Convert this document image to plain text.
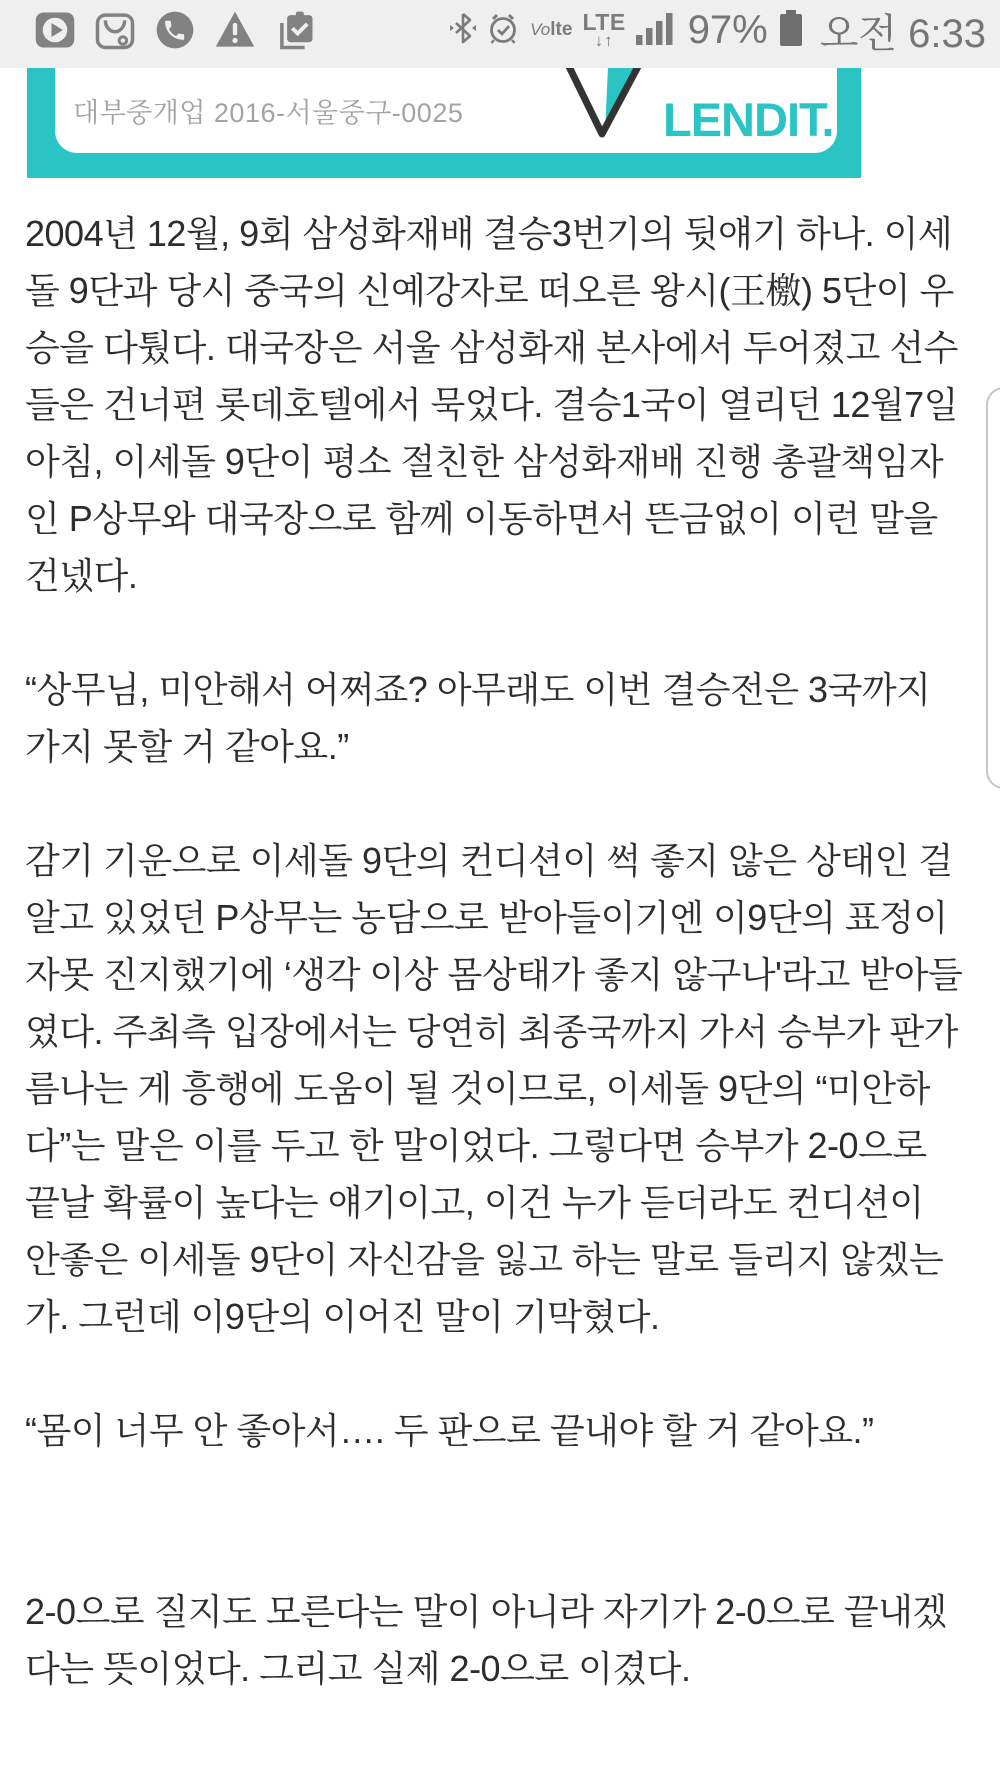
Vo lte LTE
↓↑ 97% 오전 6:33
대부중개업 2016-서울중구-0025	LENDIT.

2004년 12월, 9회 삼성화재배 결승3번기의 뒷얘기 하나. 이세돌 9단과 당시 중국의 신예강자로 떠오른 왕시(王檄) 5단이 우승을 다퉜다. 대국장은 서울 삼성화재 본사에서 두어졌고 선수들은 건너편 롯데호텔에서 묵었다. 결승1국이 열리던 12월7일 아침, 이세돌 9단이 평소 절친한 삼성화재배 진행 총괄책임자인 P상무와 대국장으로 함께 이동하면서 뜬금없이 이런 말을 건넸다.

“상무님, 미안해서 어쩌죠? 아무래도 이번 결승전은 3국까지 가지 못할 거 같아요.”

감기 기운으로 이세돌 9단의 컨디션이 썩 좋지 않은 상태인 걸 알고 있었던 P상무는 농담으로 받아들이기엔 이9단의 표정이 자못 진지했기에 ‘생각 이상 몸상태가 좋지 않구나'라고 받아들였다. 주최측 입장에서는 당연히 최종국까지 가서 승부가 판가름나는 게 흥행에 도움이 될 것이므로, 이세돌 9단의 “미안하다”는 말은 이를 두고 한 말이었다. 그렇다면 승부가 2-0으로 끝날 확률이 높다는 얘기이고, 이건 누가 듣더라도 컨디션이 안좋은 이세돌 9단이 자신감을 잃고 하는 말로 들리지 않겠는가. 그런데 이9단의 이어진 말이 기막혔다.

“몸이 너무 안 좋아서…. 두 판으로 끝내야 할 거 같아요.”

2-0으로 질지도 모른다는 말이 아니라 자기가 2-0으로 끝내겠다는 뜻이었다. 그리고 실제 2-0으로 이겼다.
